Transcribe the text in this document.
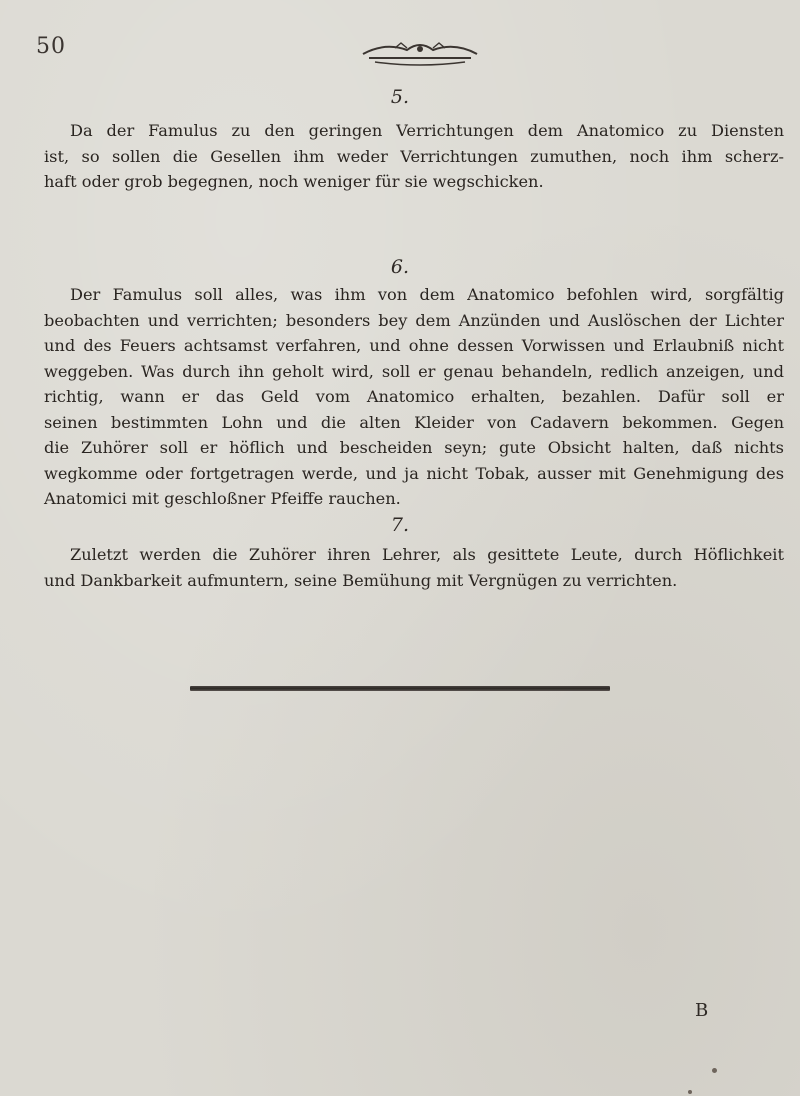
50
5.
Da der Famulus zu den geringen Verrichtungen dem Anatomico zu Diensten
ist, so sollen die Gesellen ihm weder Verrichtungen zumuthen, noch ihm scherz-
haft oder grob begegnen, noch weniger für sie wegschicken.
6.
Der Famulus soll alles, was ihm von dem Anatomico befohlen wird, sorgfältig
beobachten und verrichten; besonders bey dem Anzünden und Auslöschen der Lichter
und des Feuers achtsamst verfahren, und ohne dessen Vorwissen und Erlaubniß nicht
weggeben. Was durch ihn geholt wird, soll er genau behandeln, redlich anzeigen, und
richtig, wann er das Geld vom Anatomico erhalten, bezahlen. Dafür soll er
seinen bestimmten Lohn und die alten Kleider von Cadavern bekommen. Gegen
die Zuhörer soll er höflich und bescheiden seyn; gute Obsicht halten, daß nichts
wegkomme oder fortgetragen werde, und ja nicht Tobak, ausser mit Genehmigung des
Anatomici mit geschloßner Pfeiffe rauchen.
7.
Zuletzt werden die Zuhörer ihren Lehrer, als gesittete Leute, durch Höflichkeit
und Dankbarkeit aufmuntern, seine Bemühung mit Vergnügen zu verrichten.
B
